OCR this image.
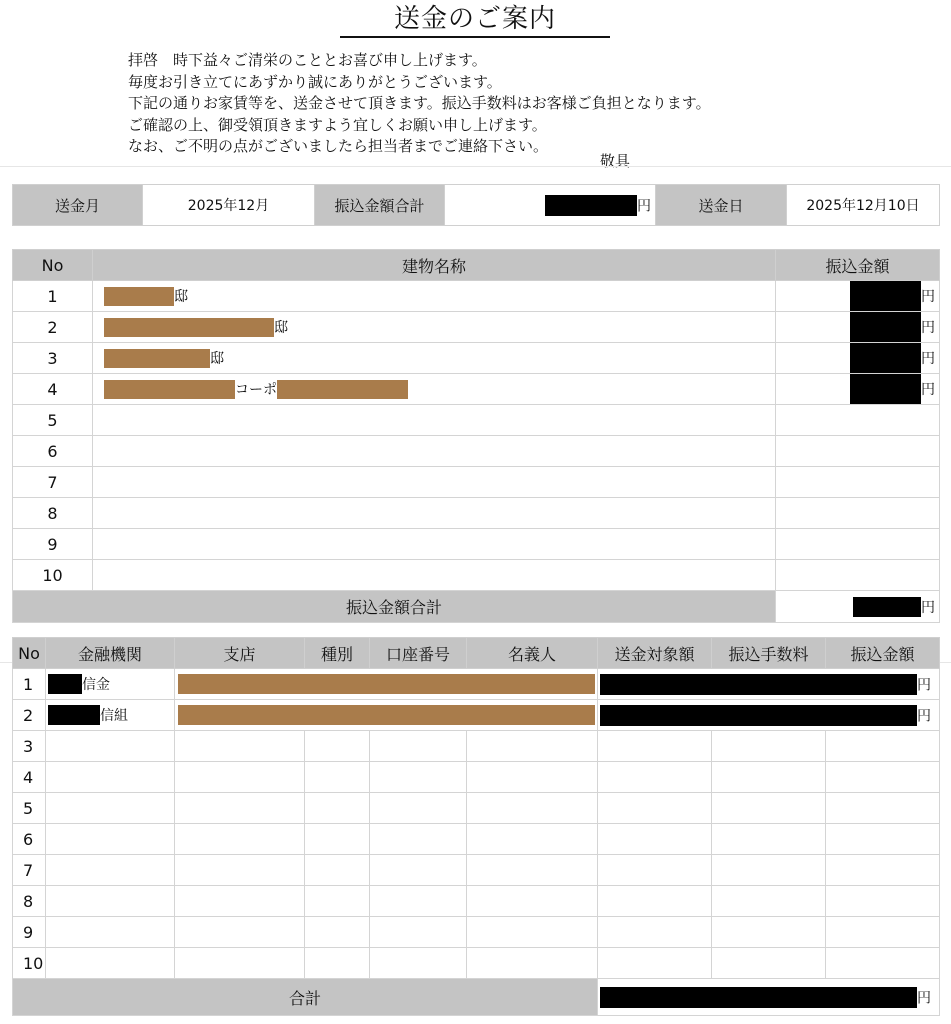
送金のご案内
拝啓　時下益々ご清栄のこととお喜び申し上げます。
毎度お引き立てにあずかり誠にありがとうございます。
下記の通りお家賃等を、送金させて頂きます。振込手数料はお客様ご負担となります。
ご確認の上、御受領頂きますよう宜しくお願い申し上げます。
なお、ご不明の点がございましたら担当者までご連絡下さい。
敬具
送金月	2025年12月	振込金額合計	円	送金日	2025年12月10日
No	建物名称	振込金額
1	邸	円
2	邸	円
3	邸	円
4	コーポ	円
5		
6		
7		
8		
9		
10		
振込金額合計		円
No	金融機関	支店	種別	口座番号	名義人	送金対象額	振込手数料	振込金額
1	信金					円		
2	信組					円		
3								
4								
5								
6								
7								
8								
9								
10								
合計						円		
